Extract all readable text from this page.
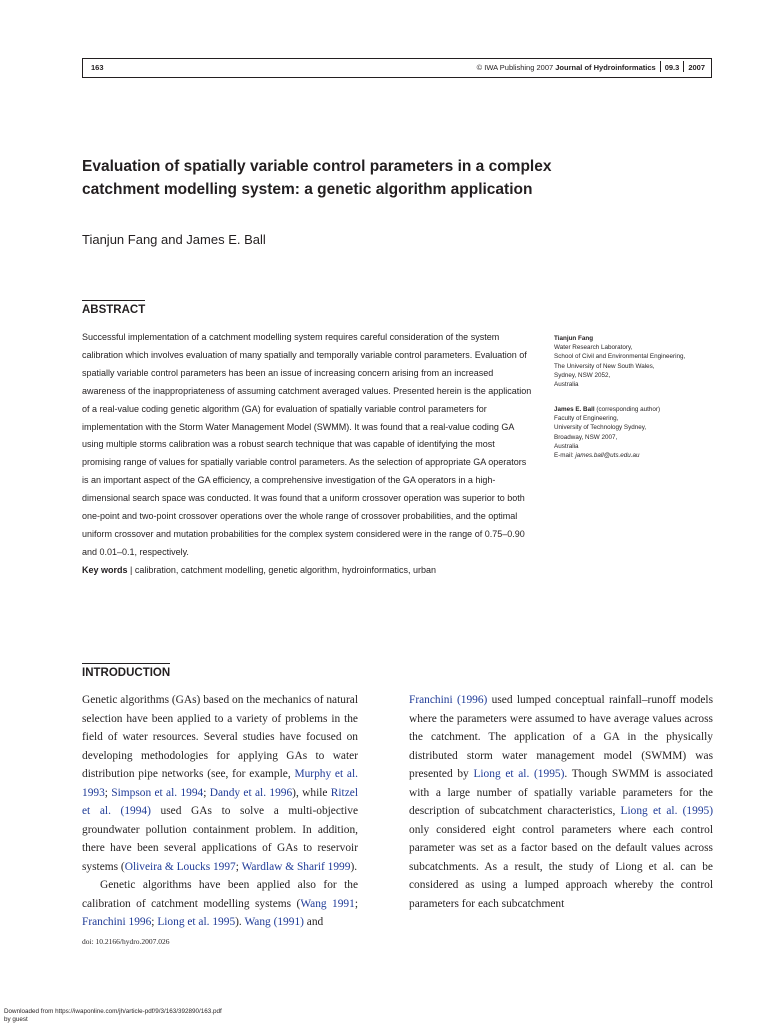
163	© IWA Publishing 2007 Journal of Hydroinformatics 09.3 2007
Evaluation of spatially variable control parameters in a complex catchment modelling system: a genetic algorithm application
Tianjun Fang and James E. Ball
ABSTRACT

Successful implementation of a catchment modelling system requires careful consideration of the system calibration which involves evaluation of many spatially and temporally variable control parameters. Evaluation of spatially variable control parameters has been an issue of increasing concern arising from an increased awareness of the inappropriateness of assuming catchment averaged values. Presented herein is the application of a real-value coding genetic algorithm (GA) for evaluation of spatially variable control parameters for implementation with the Storm Water Management Model (SWMM). It was found that a real-value coding GA using multiple storms calibration was a robust search technique that was capable of identifying the most promising range of values for spatially variable control parameters. As the selection of appropriate GA operators is an important aspect of the GA efficiency, a comprehensive investigation of the GA operators in a high-dimensional search space was conducted. It was found that a uniform crossover operation was superior to both one-point and two-point crossover operations over the whole range of crossover probabilities, and the optimal uniform crossover and mutation probabilities for the complex system considered were in the range of 0.75–0.90 and 0.01–0.1, respectively.

Key words | calibration, catchment modelling, genetic algorithm, hydroinformatics, urban

Tianjun Fang
Water Research Laboratory,
School of Civil and Environmental Engineering,
The University of New South Wales,
Sydney, NSW 2052,
Australia
James E. Ball (corresponding author)
Faculty of Engineering,
University of Technology Sydney,
Broadway, NSW 2007,
Australia
E-mail: james.ball@uts.edu.au
INTRODUCTION

Genetic algorithms (GAs) based on the mechanics of natural selection have been applied to a variety of problems in the field of water resources. Several studies have focused on developing methodologies for applying GAs to water distribution pipe networks (see, for example, Murphy et al. 1993; Simpson et al. 1994; Dandy et al. 1996), while Ritzel et al. (1994) used GAs to solve a multi-objective groundwater pollution containment problem. In addition, there have been several applications of GAs to reservoir systems (Oliveira & Loucks 1997; Wardlaw & Sharif 1999).

Genetic algorithms have been applied also for the calibration of catchment modelling systems (Wang 1991; Franchini 1996; Liong et al. 1995). Wang (1991) and

Franchini (1996) used lumped conceptual rainfall–runoff models where the parameters were assumed to have average values across the catchment. The application of a GA in the physically distributed storm water management model (SWMM) was presented by Liong et al. (1995). Though SWMM is associated with a large number of spatially variable parameters for the description of subcatchment characteristics, Liong et al. (1995) only considered eight control parameters where each control parameter was set as a factor based on the default values across subcatchments. As a result, the study of Liong et al. can be considered as using a lumped approach whereby the control parameters for each subcatchment

doi: 10.2166/hydro.2007.026
Downloaded from https://iwaponline.com/jh/article-pdf/9/3/163/392890/163.pdf
by guest
